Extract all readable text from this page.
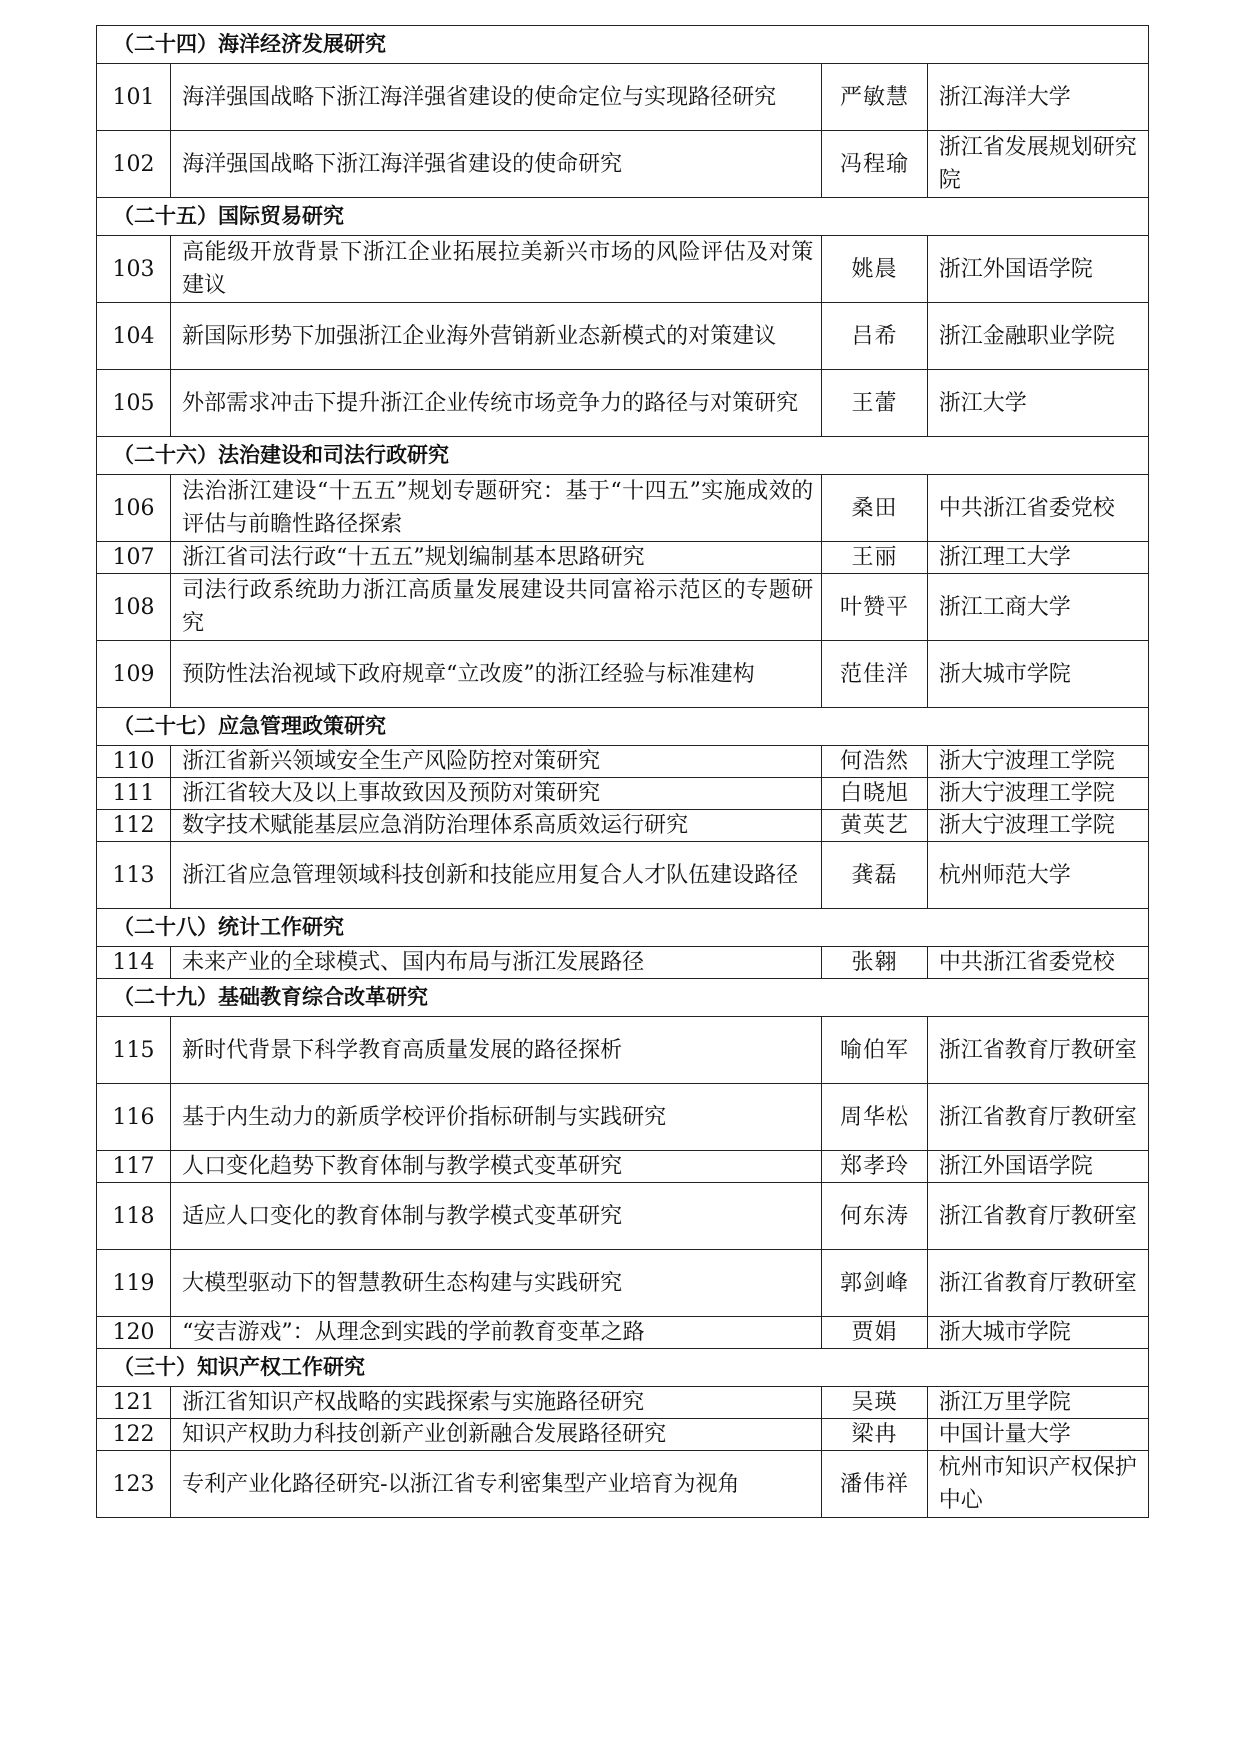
（二十四）海洋经济发展研究			
101	海洋强国战略下浙江海洋强省建设的使命定位与实现路径研究	严敏慧	浙江海洋大学
102	海洋强国战略下浙江海洋强省建设的使命研究	冯程瑜	浙江省发展规划研究院
（二十五）国际贸易研究			
103	高能级开放背景下浙江企业拓展拉美新兴市场的风险评估及对策建议	姚晨	浙江外国语学院
104	新国际形势下加强浙江企业海外营销新业态新模式的对策建议	吕希	浙江金融职业学院
105	外部需求冲击下提升浙江企业传统市场竞争力的路径与对策研究	王蕾	浙江大学
（二十六）法治建设和司法行政研究			
106	法治浙江建设“十五五”规划专题研究：基于“十四五”实施成效的评估与前瞻性路径探索	桑田	中共浙江省委党校
107	浙江省司法行政“十五五”规划编制基本思路研究	王丽	浙江理工大学
108	司法行政系统助力浙江高质量发展建设共同富裕示范区的专题研究	叶赞平	浙江工商大学
109	预防性法治视域下政府规章“立改废”的浙江经验与标准建构	范佳洋	浙大城市学院
（二十七）应急管理政策研究			
110	浙江省新兴领域安全生产风险防控对策研究	何浩然	浙大宁波理工学院
111	浙江省较大及以上事故致因及预防对策研究	白晓旭	浙大宁波理工学院
112	数字技术赋能基层应急消防治理体系高质效运行研究	黄英艺	浙大宁波理工学院
113	浙江省应急管理领域科技创新和技能应用复合人才队伍建设路径	龚磊	杭州师范大学
（二十八）统计工作研究			
114	未来产业的全球模式、国内布局与浙江发展路径	张翱	中共浙江省委党校
（二十九）基础教育综合改革研究			
115	新时代背景下科学教育高质量发展的路径探析	喻伯军	浙江省教育厅教研室
116	基于内生动力的新质学校评价指标研制与实践研究	周华松	浙江省教育厅教研室
117	人口变化趋势下教育体制与教学模式变革研究	郑孝玲	浙江外国语学院
118	适应人口变化的教育体制与教学模式变革研究	何东涛	浙江省教育厅教研室
119	大模型驱动下的智慧教研生态构建与实践研究	郭剑峰	浙江省教育厅教研室
120	“安吉游戏”：从理念到实践的学前教育变革之路	贾娟	浙大城市学院
（三十）知识产权工作研究			
121	浙江省知识产权战略的实践探索与实施路径研究	吴瑛	浙江万里学院
122	知识产权助力科技创新产业创新融合发展路径研究	梁冉	中国计量大学
123	专利产业化路径研究-以浙江省专利密集型产业培育为视角	潘伟祥	杭州市知识产权保护中心
